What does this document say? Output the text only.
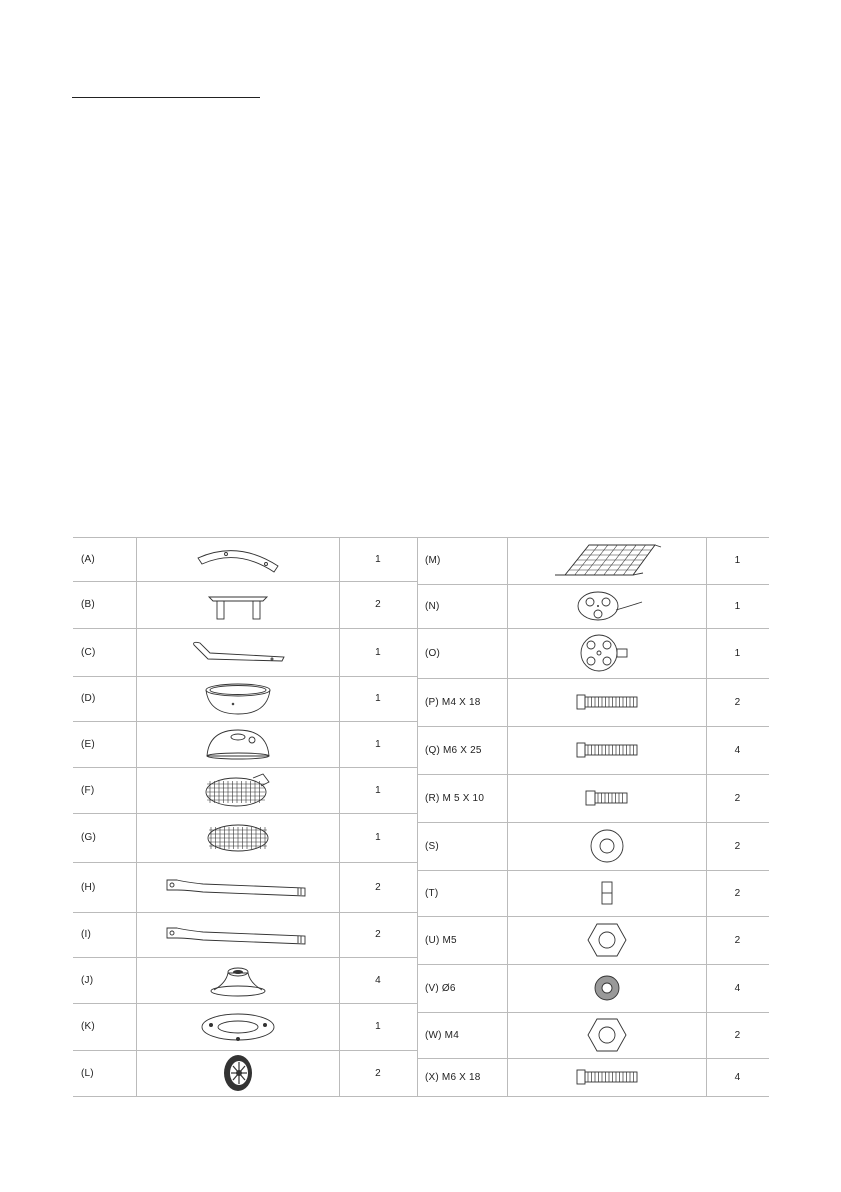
(A)	1
(B)	2
(C)	1
(D)	1
(E)	1
(F)	1
(G)	1
(H)	2
(I)	2
(J)	4
(K)	1
(L)	2
(M)	1
(N)	1
(O)	1
(P) M4 X 18	2
(Q) M6 X 25	4
(R) M 5 X 10	2
(S)	2
(T)	2
(U) M5	2
(V) Ø6	4
(W) M4	2
(X) M6 X 18	4
